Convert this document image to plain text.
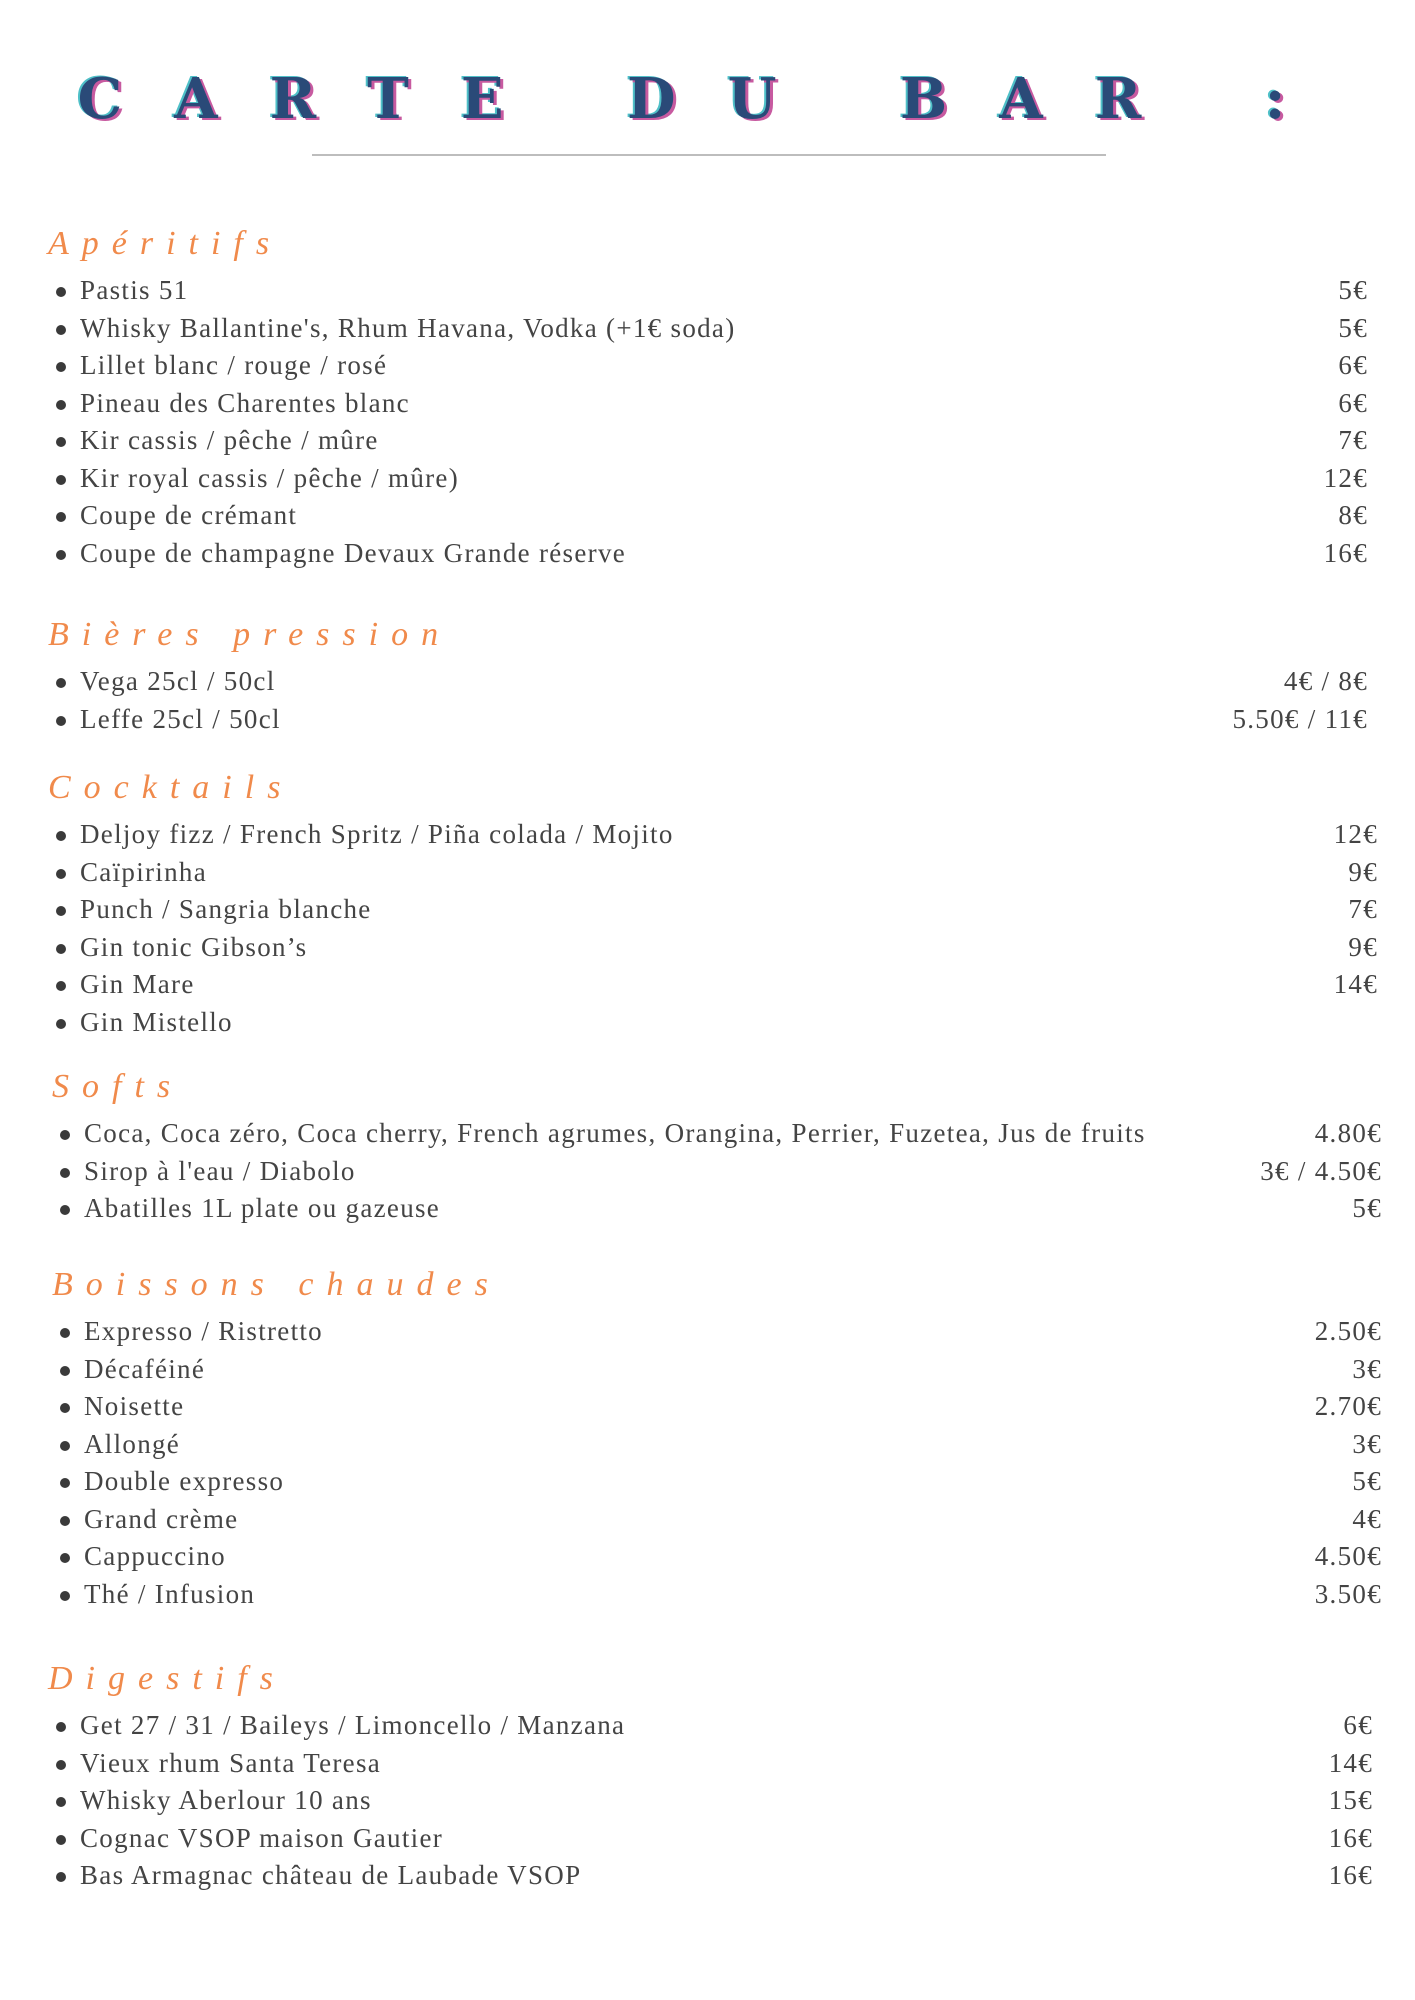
CARTE DU BAR :
Apéritifs
Pastis 51	5€
Whisky Ballantine's, Rhum Havana, Vodka (+1€ soda)	5€
Lillet blanc / rouge / rosé	6€
Pineau des Charentes blanc	6€
Kir cassis / pêche / mûre	7€
Kir royal cassis / pêche / mûre)	12€
Coupe de crémant	8€
Coupe de champagne Devaux Grande réserve	16€
Bières pression
Vega 25cl / 50cl	4€ / 8€
Leffe 25cl / 50cl	5.50€ / 11€
Cocktails
Deljoy fizz / French Spritz / Piña colada / Mojito	12€
Caïpirinha	9€
Punch / Sangria blanche	7€
Gin tonic Gibson’s	9€
Gin Mare	14€
Gin Mistello
Softs
Coca, Coca zéro, Coca cherry, French agrumes, Orangina, Perrier, Fuzetea, Jus de fruits	4.80€
Sirop à l'eau / Diabolo	3€ / 4.50€
Abatilles 1L plate ou gazeuse	5€
Boissons chaudes
Expresso / Ristretto	2.50€
Décaféiné	3€
Noisette	2.70€
Allongé	3€
Double expresso	5€
Grand crème	4€
Cappuccino	4.50€
Thé / Infusion	3.50€
Digestifs
Get 27 / 31 / Baileys / Limoncello / Manzana	6€
Vieux rhum Santa Teresa	14€
Whisky Aberlour 10 ans	15€
Cognac VSOP maison Gautier	16€
Bas Armagnac château de Laubade VSOP	16€
